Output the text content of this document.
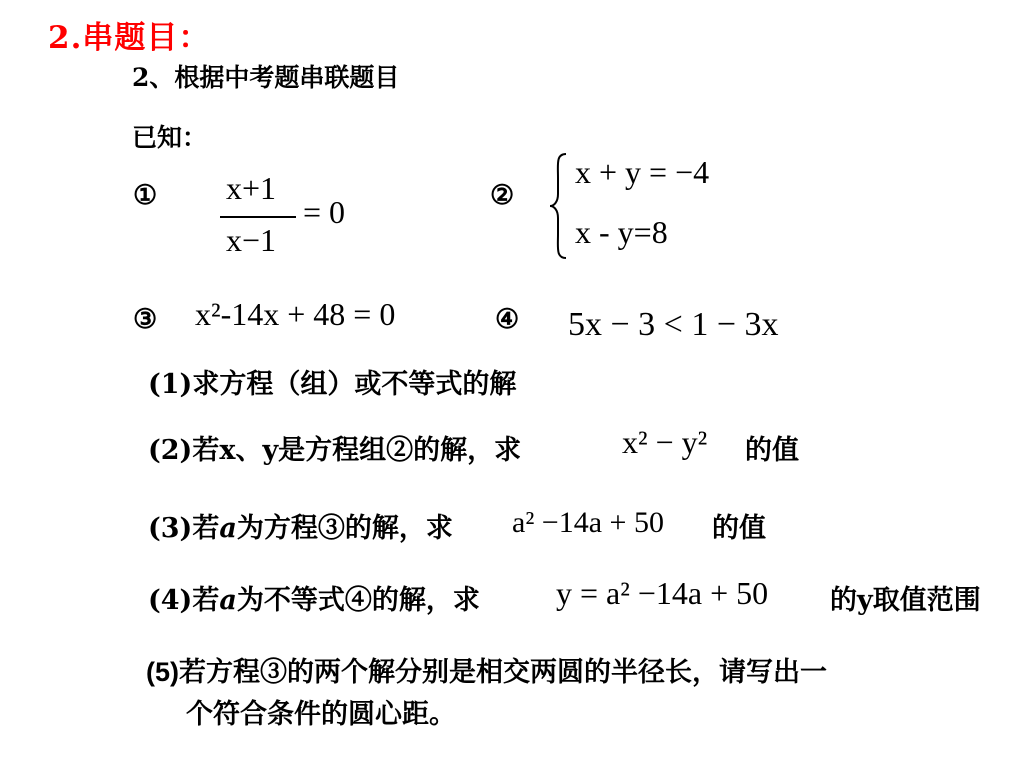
2.串题目：
2、根据中考题串联题目
已知：
① x+1
x−1
= 0	②
x + y = −4
x - y=8
③ x²-14x + 48 = 0	④ 5x − 3 < 1 − 3x
(1)求方程（组）或不等式的解
(2)若x、y是方程组②的解，求	x² − y² 的值
(3)若a为方程③的解，求 a² −14a + 50 的值
(4)若a为不等式④的解，求 y = a² −14a + 50 的y取值范围
(5)若方程③的两个解分别是相交两圆的半径长，请写出一
个符合条件的圆心距。
